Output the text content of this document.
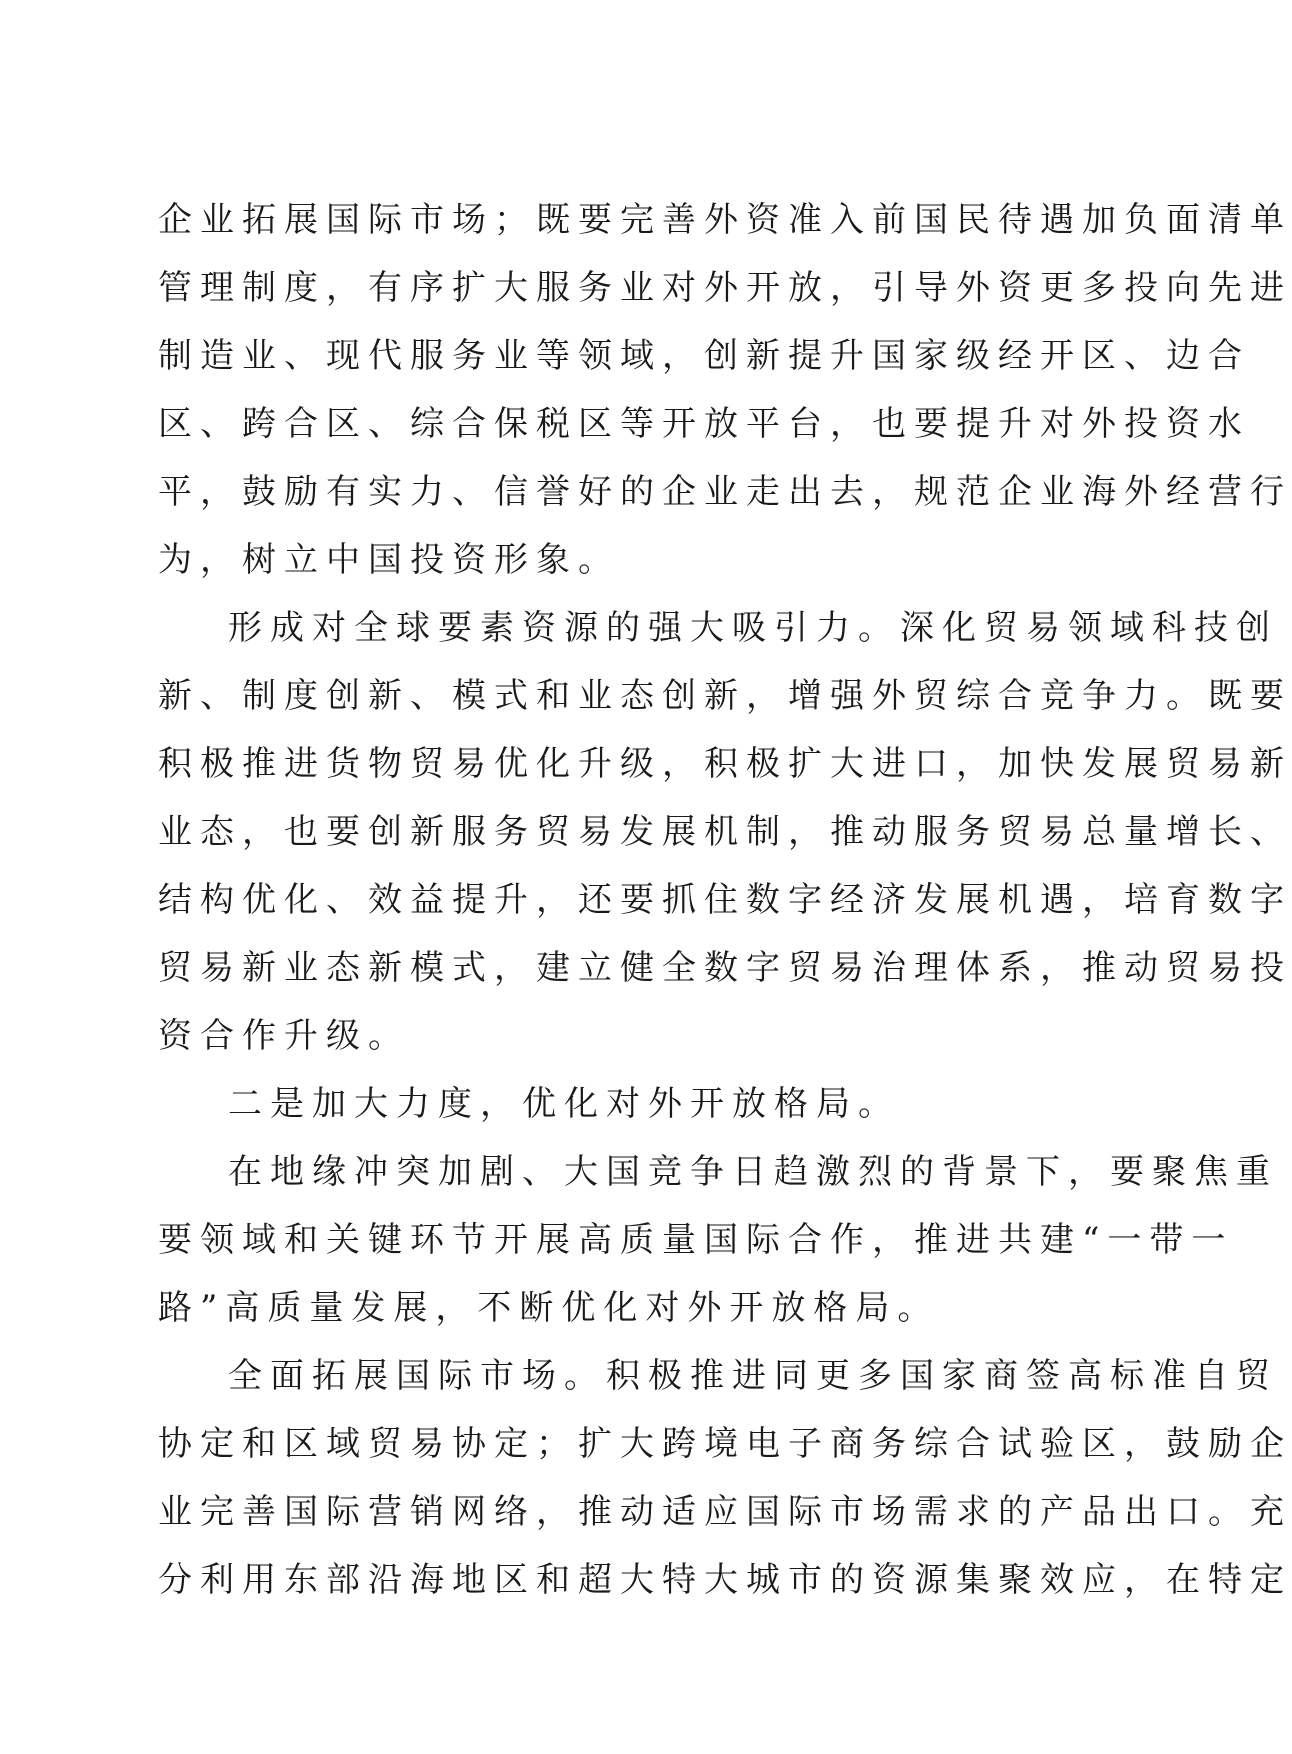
企业拓展国际市场；既要完善外资准入前国民待遇加负面清单
管理制度，有序扩大服务业对外开放，引导外资更多投向先进
制造业、现代服务业等领域，创新提升国家级经开区、边合
区、跨合区、综合保税区等开放平台，也要提升对外投资水
平，鼓励有实力、信誉好的企业走出去，规范企业海外经营行
为，树立中国投资形象。
形成对全球要素资源的强大吸引力。深化贸易领域科技创
新、制度创新、模式和业态创新，增强外贸综合竞争力。既要
积极推进货物贸易优化升级，积极扩大进口，加快发展贸易新
业态，也要创新服务贸易发展机制，推动服务贸易总量增长、
结构优化、效益提升，还要抓住数字经济发展机遇，培育数字
贸易新业态新模式，建立健全数字贸易治理体系，推动贸易投
资合作升级。
二是加大力度，优化对外开放格局。
在地缘冲突加剧、大国竞争日趋激烈的背景下，要聚焦重
要领域和关键环节开展高质量国际合作，推进共建“一带一
路”高质量发展，不断优化对外开放格局。
全面拓展国际市场。积极推进同更多国家商签高标准自贸
协定和区域贸易协定；扩大跨境电子商务综合试验区，鼓励企
业完善国际营销网络，推动适应国际市场需求的产品出口。充
分利用东部沿海地区和超大特大城市的资源集聚效应，在特定
